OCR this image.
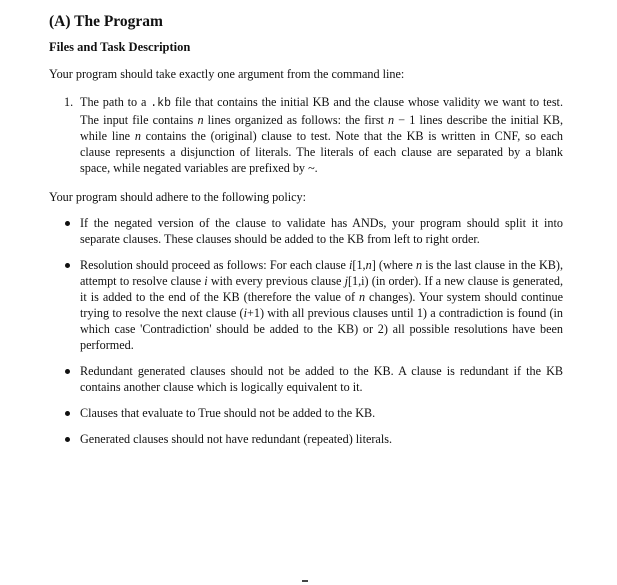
(A) The Program
Files and Task Description

Your program should take exactly one argument from the command line:

1. The path to a .kb file that contains the initial KB and the clause whose validity we want to test. The input file contains n lines organized as follows: the first n − 1 lines describe the initial KB, while line n contains the (original) clause to test. Note that the KB is written in CNF, so each clause represents a disjunction of literals. The literals of each clause are separated by a blank space, while negated variables are prefixed by ~.

Your program should adhere to the following policy:

If the negated version of the clause to validate has ANDs, your program should split it into separate clauses. These clauses should be added to the KB from left to right order.
Resolution should proceed as follows: For each clause i[1,n] (where n is the last clause in the KB), attempt to resolve clause i with every previous clause j[1,i) (in order). If a new clause is generated, it is added to the end of the KB (therefore the value of n changes). Your system should continue trying to resolve the next clause (i+1) with all previous clauses until 1) a contradiction is found (in which case 'Contradiction' should be added to the KB) or 2) all possible resolutions have been performed.
Redundant generated clauses should not be added to the KB. A clause is redundant if the KB contains another clause which is logically equivalent to it.
Clauses that evaluate to True should not be added to the KB.
Generated clauses should not have redundant (repeated) literals.
